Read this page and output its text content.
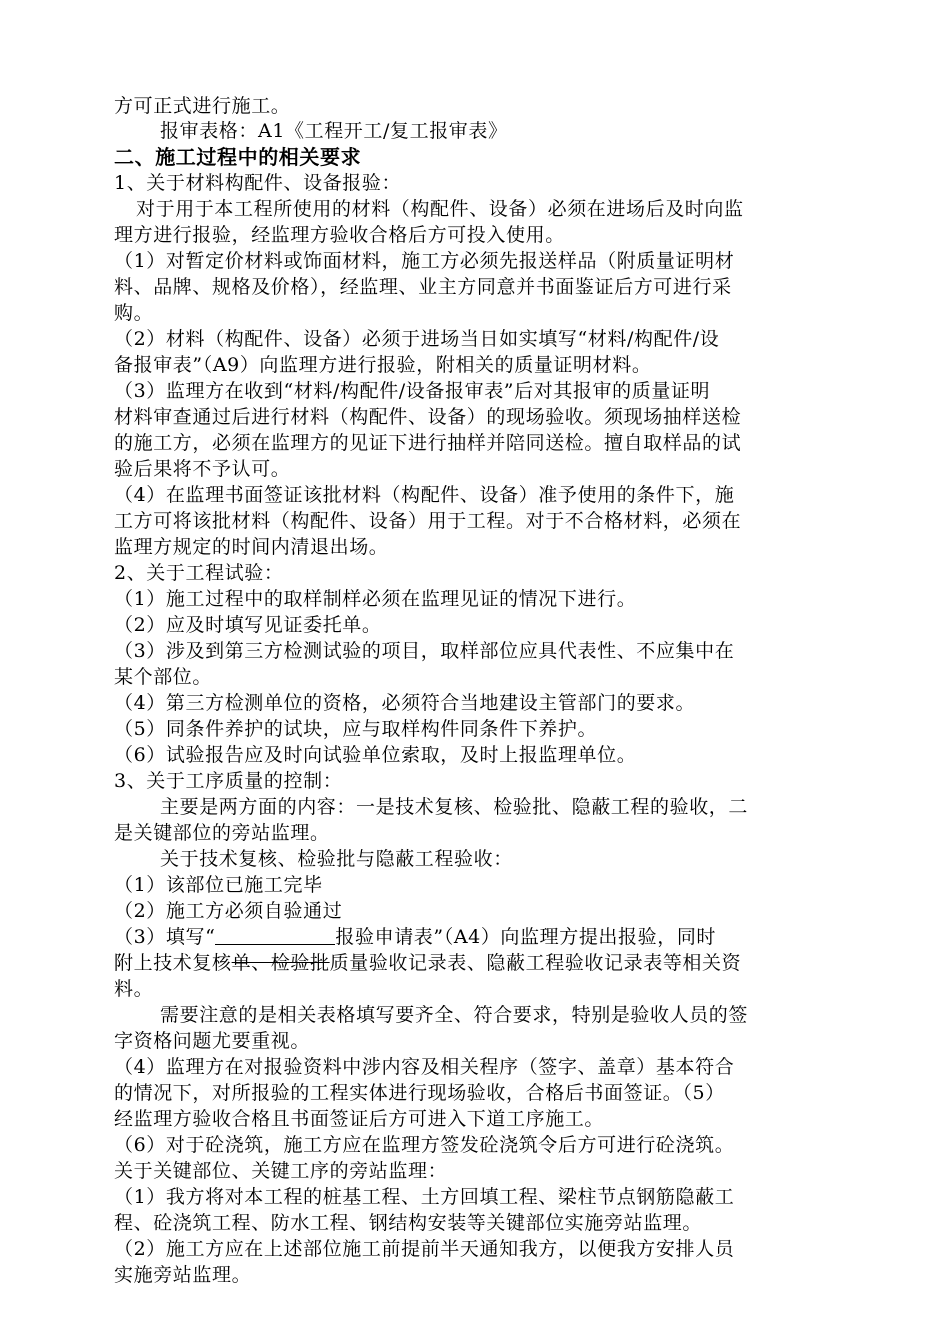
方可正式进行施工。
报审表格：A1《工程开工/复工报审表》
二、施工过程中的相关要求
1、关于材料构配件、设备报验：
对于用于本工程所使用的材料（构配件、设备）必须在进场后及时向监
理方进行报验，经监理方验收合格后方可投入使用。
（1）对暂定价材料或饰面材料，施工方必须先报送样品（附质量证明材
料、品牌、规格及价格），经监理、业主方同意并书面鉴证后方可进行采
购。
（2）材料（构配件、设备）必须于进场当日如实填写“材料/构配件/设
备报审表”（A9）向监理方进行报验，附相关的质量证明材料。
（3）监理方在收到“材料/构配件/设备报审表”后对其报审的质量证明
材料审查通过后进行材料（构配件、设备）的现场验收。须现场抽样送检
的施工方，必须在监理方的见证下进行抽样并陪同送检。擅自取样品的试
验后果将不予认可。
（4）在监理书面签证该批材料（构配件、设备）准予使用的条件下，施
工方可将该批材料（构配件、设备）用于工程。对于不合格材料，必须在
监理方规定的时间内清退出场。
2、关于工程试验：
（1）施工过程中的取样制样必须在监理见证的情况下进行。
（2）应及时填写见证委托单。
（3）涉及到第三方检测试验的项目，取样部位应具代表性、不应集中在
某个部位。
（4）第三方检测单位的资格，必须符合当地建设主管部门的要求。
（5）同条件养护的试块，应与取样构件同条件下养护。
（6）试验报告应及时向试验单位索取，及时上报监理单位。
3、关于工序质量的控制：
主要是两方面的内容：一是技术复核、检验批、隐蔽工程的验收，二
是关键部位的旁站监理。
关于技术复核、检验批与隐蔽工程验收：
（1）该部位已施工完毕
（2）施工方必须自验通过
（3）填写“	报验申请表”（A4）向监理方提出报验，同时
附上技术复核单、检验批质量验收记录表、隐蔽工程验收记录表等相关资
料。
需要注意的是相关表格填写要齐全、符合要求，特别是验收人员的签
字资格问题尤要重视。
（4）监理方在对报验资料中涉内容及相关程序（签字、盖章）基本符合
的情况下，对所报验的工程实体进行现场验收，合格后书面签证。（5）
经监理方验收合格且书面签证后方可进入下道工序施工。
（6）对于砼浇筑，施工方应在监理方签发砼浇筑令后方可进行砼浇筑。
关于关键部位、关键工序的旁站监理：
（1）我方将对本工程的桩基工程、土方回填工程、梁柱节点钢筋隐蔽工
程、砼浇筑工程、防水工程、钢结构安装等关键部位实施旁站监理。
（2）施工方应在上述部位施工前提前半天通知我方，以便我方安排人员
实施旁站监理。
